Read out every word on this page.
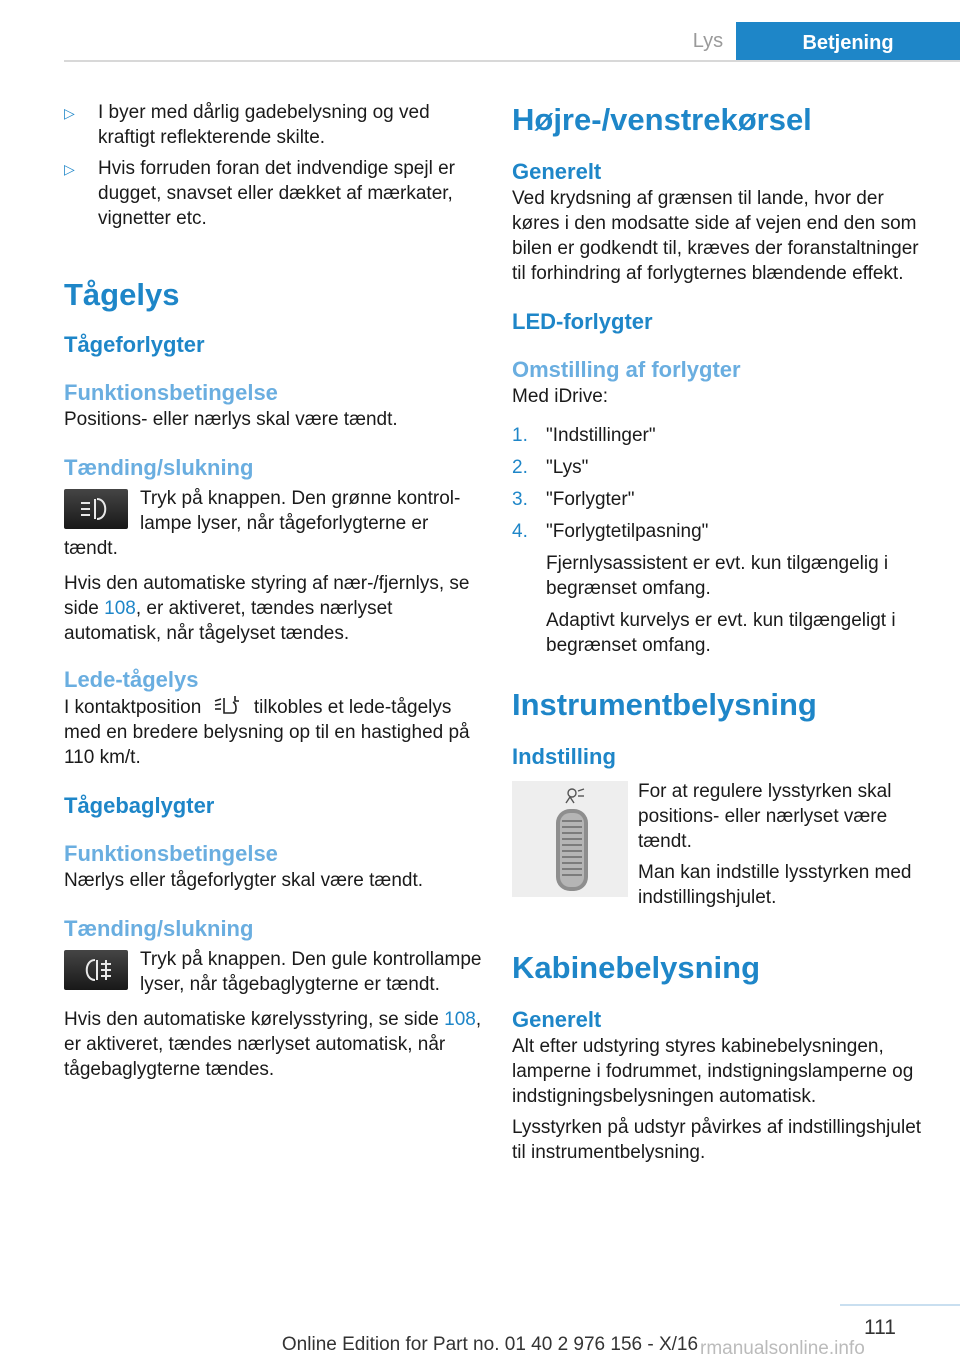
Lys	Betjening
▷	I byer med dårlig gadebelysning og ved kraftigt reflekterende skilte.
▷	Hvis forruden foran det indvendige spejl er dugget, snavset eller dækket af mærkater, vignetter etc.
Tågelys
Tågeforlygter
Funktionsbetingelse

Positions- eller nærlys skal være tændt.

Tænding/slukning

Tryk på knappen. Den grønne kontrollampe lyser, når tågeforlygterne er tændt.

Hvis den automatiske styring af nær-/fjernlys, se side 108, er aktiveret, tændes nærlyset automatisk, når tågelyset tændes.

Lede-tågelys

I kontaktposition	tilkobles et lede-tågelys med en bredere belysning op til en hastighed på 110 km/t.

Tågebaglygter
Funktionsbetingelse

Nærlys eller tågeforlygter skal være tændt.

Tænding/slukning

Tryk på knappen. Den gule kontrollampe lyser, når tågebaglygterne er tændt.

Hvis den automatiske kørelysstyring, se side 108, er aktiveret, tændes nærlyset automatisk, når tågebaglygterne tændes.

Højre-/venstrekørsel
Generelt

Ved krydsning af grænsen til lande, hvor der køres i den modsatte side af vejen end den som bilen er godkendt til, kræves der foranstaltninger til forhindring af forlygternes blændende effekt.

LED-forlygter
Omstilling af forlygter

Med iDrive:

1. "Indstillinger"
2. "Lys"
3. "Forlygter"
4. "Forlygtetilpasning"

Fjernlysassistent er evt. kun tilgængelig i begrænset omfang.

Adaptivt kurvelys er evt. kun tilgængeligt i begrænset omfang.

Instrumentbelysning
Indstilling

For at regulere lysstyrken skal positions- eller nærlyset være tændt.

Man kan indstille lysstyrken med indstillingshjulet.

Kabinebelysning
Generelt

Alt efter udstyring styres kabinebelysningen, lamperne i fodrummet, indstigningslamperne og indstigningsbelysningen automatisk.

Lysstyrken på udstyr påvirkes af indstillingshjulet til instrumentbelysning.

111
Online Edition for Part no. 01 40 2 976 156 - X/16 rmanualsonline.info
